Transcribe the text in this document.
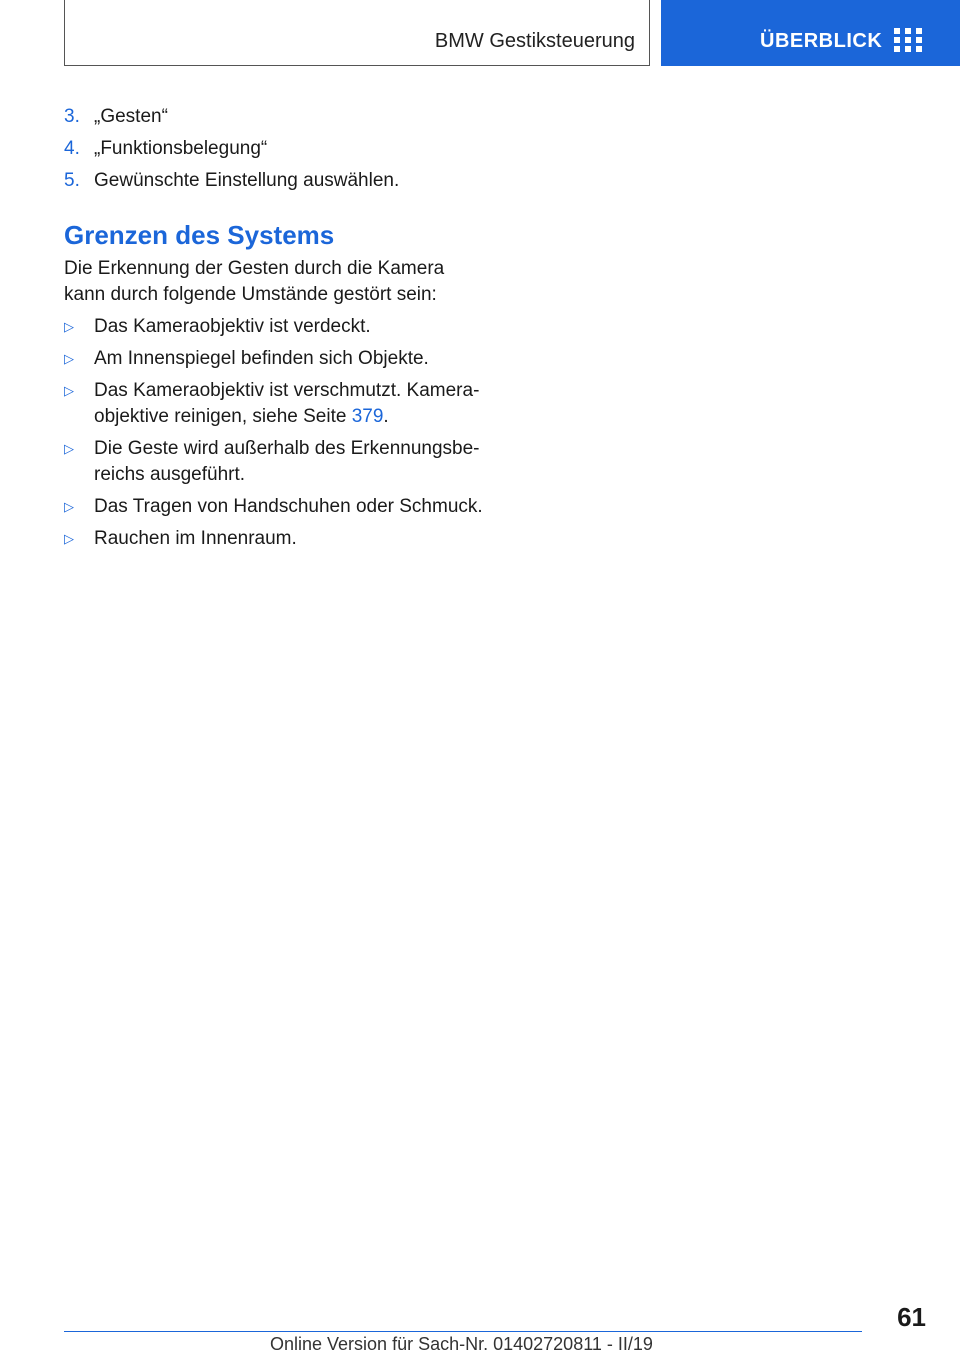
BMW Gestiksteuerung	ÜBERBLICK
3. „Gesten“
4. „Funktionsbelegung“
5. Gewünschte Einstellung auswählen.
Grenzen des Systems

Die Erkennung der Gesten durch die Kamera kann durch folgende Umstände gestört sein:

▷ Das Kameraobjektiv ist verdeckt.
▷ Am Innenspiegel befinden sich Objekte.
▷ Das Kameraobjektiv ist verschmutzt. Kameraobjektive reinigen, siehe Seite 379.
▷ Die Geste wird außerhalb des Erkennungsbereichs ausgeführt.
▷ Das Tragen von Handschuhen oder Schmuck.
▷ Rauchen im Innenraum.
61
Online Version für Sach-Nr. 01402720811 - II/19
